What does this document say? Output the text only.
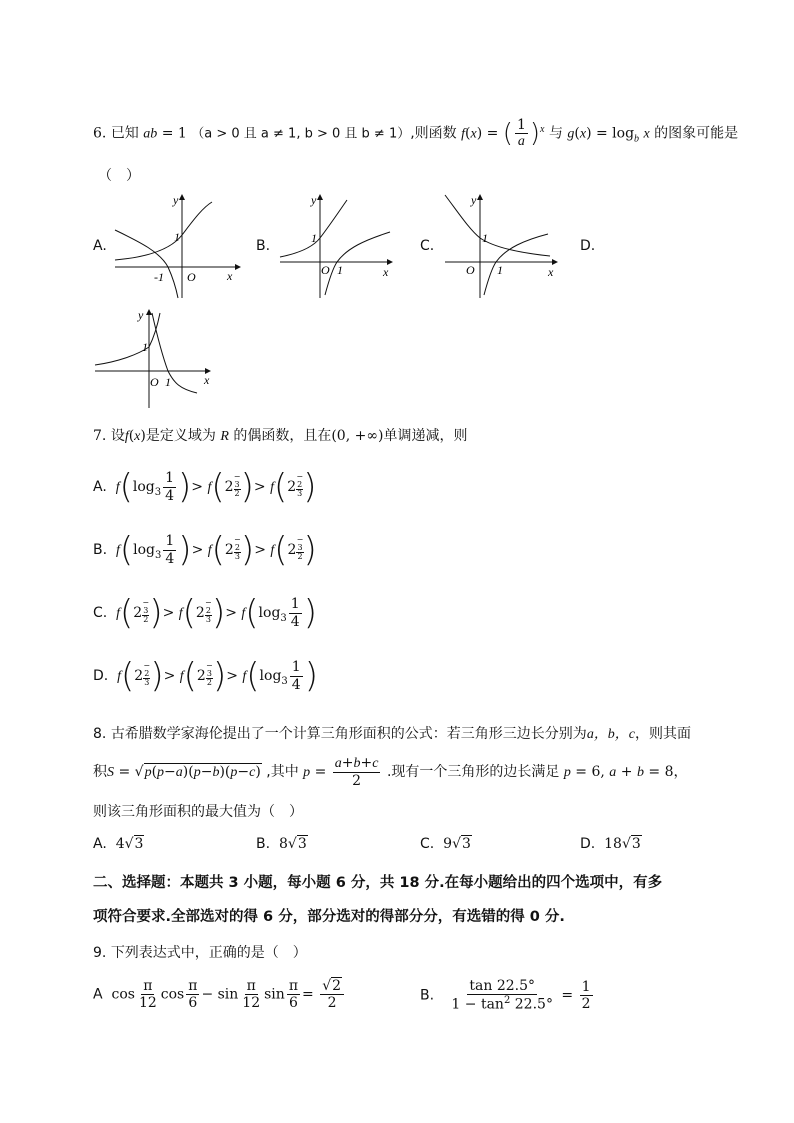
6. 已知 ab = 1 （a > 0 且 a ≠ 1, b > 0 且 b ≠ 1）,则函数 f(x) = ( $\frac{1}{a} )^x$ 与 $g(x) = \log_b x$ 的图象可能是
（　）
A.	B.	C.	D.
y
x
O
1
-1
y
x
O
1
1
y
x
O
1
1
y
x
O
1
1
7. 设f(x)是定义域为 R 的偶函数，且在(0, +∞)单调递减，则
A. $f(\log_3 \frac{1}{4}$ )> f(2−
3
2 )> f(2−
2
3 )
B. $f(\log_3 \frac{1}{4}$ )> f(2−
2
3 )> f(2−
3
2 )
C. f(2−
3
2 )> f(2−
2
3 )> $f(\log_3 \frac{1}{4}$ )
D. f(2−
2
3 )> f(2−
3
2 )> $f(\log_3 \frac{1}{4}$ )
8. 古希腊数学家海伦提出了一个计算三角形面积的公式：若三角形三边长分别为a，b，c，则其面
积S = √p(p−a)(p−b)(p−c) ,其中 $p = \frac{a+b+c}{2}$ .现有一个三角形的边长满足 p = 6, a + b = 8，
则该三角形面积的最大值为（　）
A. 4√3	B. 8√3	C. 9√3	D. 18√3
二、选择题：本题共 3 小题，每小题 6 分，共 18 分.在每小题给出的四个选项中，有多
项符合要求.全部选对的得 6 分，部分选对的得部分分，有选错的得 0 分.
9. 下列表达式中，正确的是（　）
A  $\cos \frac{\pi}{12}$ $\cos \frac{\pi}{6} - \sin \frac{\pi}{12}$ $\sin \frac{\pi}{6} = \frac{√2}{2}$	B. $\frac{\tan 22.5^\circ}{1 - \tan^2 22.5^\circ} = \frac{1}{2}$
